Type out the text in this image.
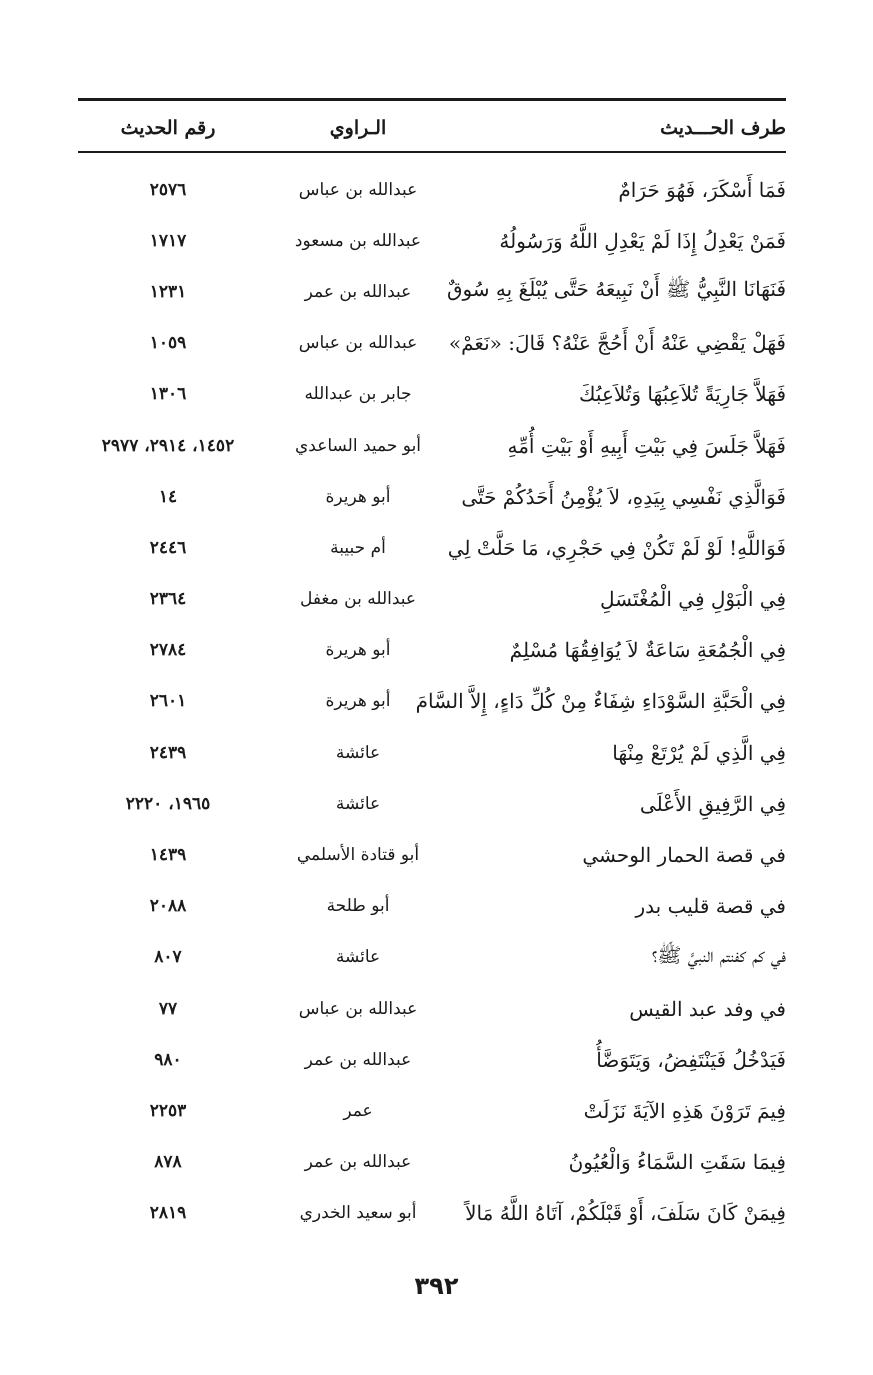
طرف الحـــديث
الـراوي
رقم الحديث
فَمَا أَسْكَرَ، فَهُوَ حَرَامٌ
عبدالله بن عباس
٢٥٧٦
فَمَنْ يَعْدِلُ إِذَا لَمْ يَعْدِلِ اللَّهُ وَرَسُولُهُ
عبدالله بن مسعود
١٧١٧
فَنَهَانَا النَّبِيُّ ﷺ أَنْ نَبِيعَهُ حَتَّى يُبْلَغَ بِهِ سُوقٌ
عبدالله بن عمر
١٢٣١
فَهَلْ يَقْضِي عَنْهُ أَنْ أَحُجَّ عَنْهُ؟ قَالَ: «نَعَمْ»
عبدالله بن عباس
١٠٥٩
فَهَلاَّ جَارِيَةً تُلاَعِبُهَا وَتُلاَعِبُكَ
جابر بن عبدالله
١٣٠٦
فَهَلاَّ جَلَسَ فِي بَيْتِ أَبِيهِ أَوْ بَيْتِ أُمِّهِ
أبو حميد الساعدي
١٤٥٢، ٢٩١٤، ٢٩٧٧
فَوَالَّذِي نَفْسِي بِيَدِهِ، لاَ يُؤْمِنُ أَحَدُكُمْ حَتَّى
أبو هريرة
١٤
فَوَاللَّهِ! لَوْ لَمْ تَكُنْ فِي حَجْرِي، مَا حَلَّتْ لِي
أم حبيبة
٢٤٤٦
فِي الْبَوْلِ فِي الْمُغْتَسَلِ
عبدالله بن مغفل
٢٣٦٤
فِي الْجُمُعَةِ سَاعَةٌ لاَ يُوَافِقُهَا مُسْلِمٌ
أبو هريرة
٢٧٨٤
فِي الْحَبَّةِ السَّوْدَاءِ شِفَاءٌ مِنْ كُلِّ دَاءٍ، إِلاَّ السَّامَ
أبو هريرة
٢٦٠١
فِي الَّذِي لَمْ يُرْتَعْ مِنْهَا
عائشة
٢٤٣٩
فِي الرَّفِيقِ الأَعْلَى
عائشة
١٩٦٥، ٢٢٢٠
في قصة الحمار الوحشي
أبو قتادة الأسلمي
١٤٣٩
في قصة قليب بدر
أبو طلحة
٢٠٨٨
في كم كفنتم النبيَّ ﷺ؟
عائشة
٨٠٧
في وفد عبد القيس
عبدالله بن عباس
٧٧
فَيَدْخُلُ فَيَنْتَفِضُ، وَيَتَوَضَّأُ
عبدالله بن عمر
٩٨٠
فِيمَ تَرَوْنَ هَذِهِ الآيَةَ نَزَلَتْ
عمر
٢٢٥٣
فِيمَا سَقَتِ السَّمَاءُ وَالْعُيُونُ
عبدالله بن عمر
٨٧٨
فِيمَنْ كَانَ سَلَفَ، أَوْ قَبْلَكُمْ، آتَاهُ اللَّهُ مَالاً
أبو سعيد الخدري
٢٨١٩
٣٩٢
